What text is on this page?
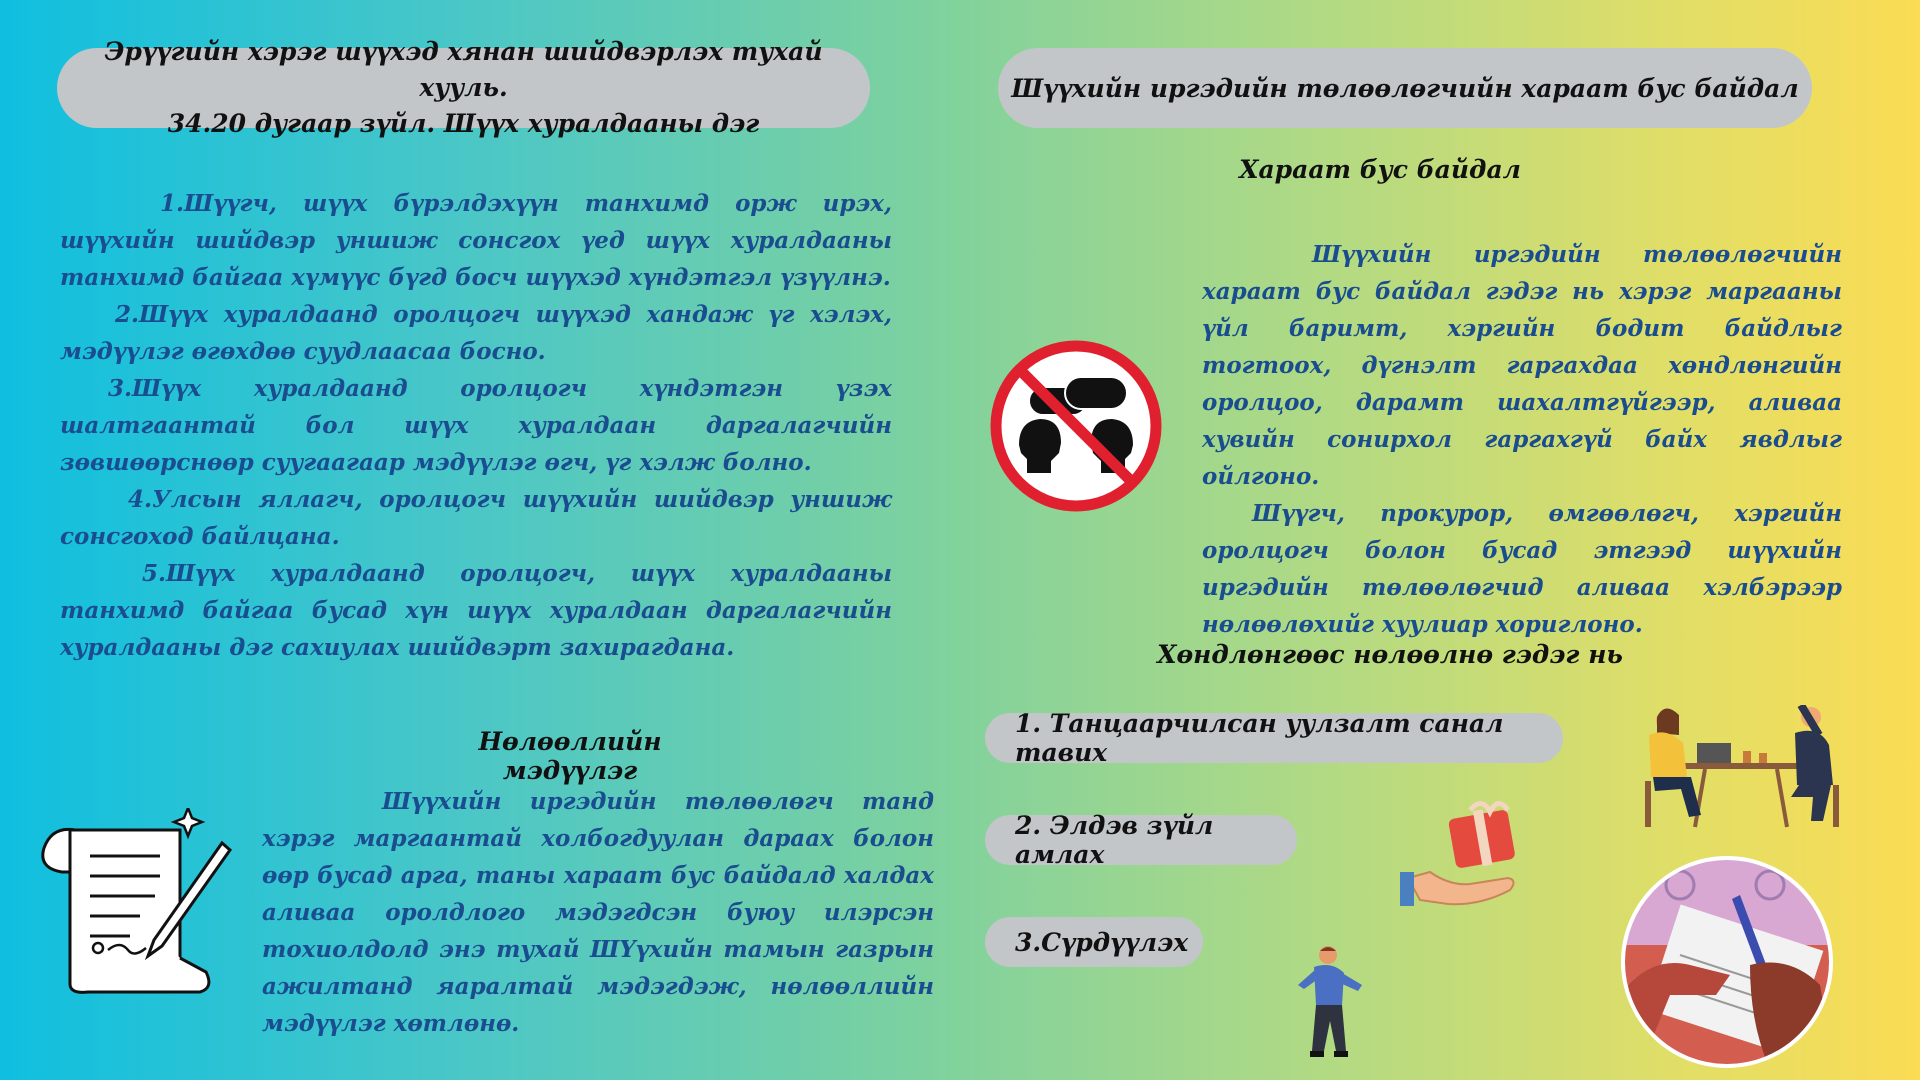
Эрүүгийн хэрэг шүүхэд хянан шийдвэрлэх тухай хууль.
34.20 дугаар зүйл. Шүүх хуралдааны дэг

1.Шүүгч, шүүх бүрэлдэхүүн танхимд орж ирэх, шүүхийн шийдвэр уншиж сонсгох үед шүүх хуралдааны танхимд байгаа хүмүүс бүгд босч шүүхэд хүндэтгэл үзүүлнэ.

2.Шүүх хуралдаанд оролцогч шүүхэд хандаж үг хэлэх, мэдүүлэг өгөхдөө суудлаасаа босно.

3.Шүүх хуралдаанд оролцогч хүндэтгэн үзэх шалтгаантай бол шүүх хуралдаан даргалагчийн зөвшөөрснөөр суугаагаар мэдүүлэг өгч, үг хэлж болно.

4.Улсын яллагч, оролцогч шүүхийн шийдвэр уншиж сонсгоход байлцана.

5.Шүүх хуралдаанд оролцогч, шүүх хуралдааны танхимд байгаа бусад хүн шүүх хуралдаан даргалагчийн хуралдааны дэг сахиулах шийдвэрт захирагдана.

Нөлөөллийн мэдүүлэг

Шүүхийн иргэдийн төлөөлөгч танд хэрэг маргаантай холбогдуулан дараах болон өөр бусад арга, таны хараат бус байдалд халдах аливаа оролдлого мэдэгдсэн буюу илэрсэн тохиолдолд энэ тухай ШҮүхийн тамын газрын ажилтанд яаралтай мэдэгдэж, нөлөөллийн мэдүүлэг хөтлөнө.

Шүүхийн иргэдийн төлөөлөгчийн хараат бус байдал
Хараат бус байдал

Шүүхийн иргэдийн төлөөлөгчийн хараат бус байдал гэдэг нь хэрэг маргааны үйл баримт, хэргийн бодит байдлыг тогтоох, дүгнэлт гаргахдаа хөндлөнгийн оролцоо, дарамт шахалтгүйгээр, аливаа хувийн сонирхол гаргахгүй байх явдлыг ойлгоно.

Шүүгч, прокурор, өмгөөлөгч, хэргийн оролцогч болон бусад этгээд шүүхийн иргэдийн төлөөлөгчид аливаа хэлбэрээр нөлөөлөхийг хуулиар хориглоно.

Хөндлөнгөөс нөлөөлнө гэдэг нь
1. Танцаарчилсан уулзалт санал тавих
2. Элдэв зүйл амлах
3.Сүрдүүлэх
